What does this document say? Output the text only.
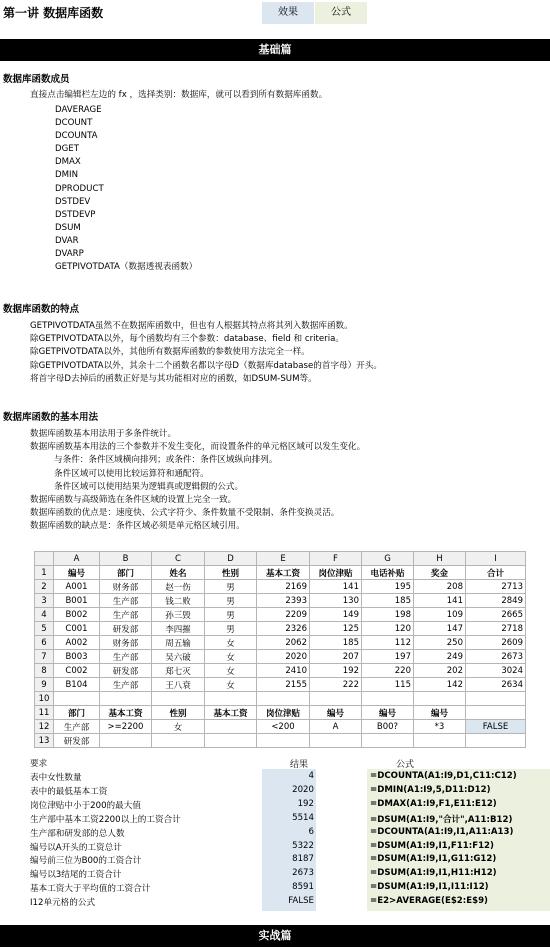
第一讲 数据库函数	效果	公式
基础篇
数据库函数成员
直接点击编辑栏左边的 fx ，选择类别：数据库，就可以看到所有数据库函数。
DAVERAGE
DCOUNT
DCOUNTA
DGET
DMAX
DMIN
DPRODUCT
DSTDEV
DSTDEVP
DSUM
DVAR
DVARP
GETPIVOTDATA（数据透视表函数）
数据库函数的特点
GETPIVOTDATA虽然不在数据库函数中，但也有人根据其特点将其列入数据库函数。
除GETPIVOTDATA以外，每个函数均有三个参数：database、field 和 criteria。
除GETPIVOTDATA以外，其他所有数据库函数的参数使用方法完全一样。
除GETPIVOTDATA以外，其余十二个函数名都以字母D（数据库database的首字母）开头。
将首字母D去掉后的函数正好是与其功能相对应的函数，如DSUM-SUM等。
数据库函数的基本用法
数据库函数基本用法用于多条件统计。
数据库函数基本用法的三个参数并不发生变化，而设置条件的单元格区域可以发生变化。
与条件：条件区域横向排列；或条件：条件区域纵向排列。
条件区域可以使用比较运算符和通配符。
条件区域可以使用结果为逻辑真或逻辑假的公式。
数据库函数与高级筛选在条件区域的设置上完全一致。
数据库函数的优点是：速度快、公式字符少、条件数量不受限制、条件变换灵活。
数据库函数的缺点是：条件区域必须是单元格区域引用。
	A	B	C	D	E	F	G	H	I
1	编号	部门	姓名	性别	基本工资	岗位津贴	电话补贴	奖金	合计
2	A001	财务部	赵一伤	男	2169	141	195	208	2713
3	B001	生产部	钱二败	男	2393	130	185	141	2849
4	B002	生产部	孙三毁	男	2209	149	198	109	2665
5	C001	研发部	李四摧	男	2326	125	120	147	2718
6	A002	财务部	周五输	女	2062	185	112	250	2609
7	B003	生产部	吴六破	女	2020	207	197	249	2673
8	C002	研发部	郑七灭	女	2410	192	220	202	3024
9	B104	生产部	王八衰	女	2155	222	115	142	2634
10									
11	部门	基本工资	性别	基本工资	岗位津贴	编号	编号	编号	
12	生产部	>=2200	女		<200	A	B00?	*3	FALSE
13	研发部								
要求	结果	公式
表中女性数量	4	=DCOUNTA(A1:I9,D1,C11:C12)
表中的最低基本工资	2020	=DMIN(A1:I9,5,D11:D12)
岗位津贴中小于200的最大值	192	=DMAX(A1:I9,F1,E11:E12)
生产部中基本工资2200以上的工资合计	5514	=DSUM(A1:I9,"合计",A11:B12)
生产部和研发部的总人数	6	=DCOUNTA(A1:I9,I1,A11:A13)
编号以A开头的工资总计	5322	=DSUM(A1:I9,I1,F11:F12)
编号前三位为B00的工资合计	8187	=DSUM(A1:I9,I1,G11:G12)
编号以3结尾的工资合计	2673	=DSUM(A1:I9,I1,H11:H12)
基本工资大于平均值的工资合计	8591	=DSUM(A1:I9,I1,I11:I12)
I12单元格的公式	FALSE	=E2>AVERAGE(E$2:E$9)
实战篇
